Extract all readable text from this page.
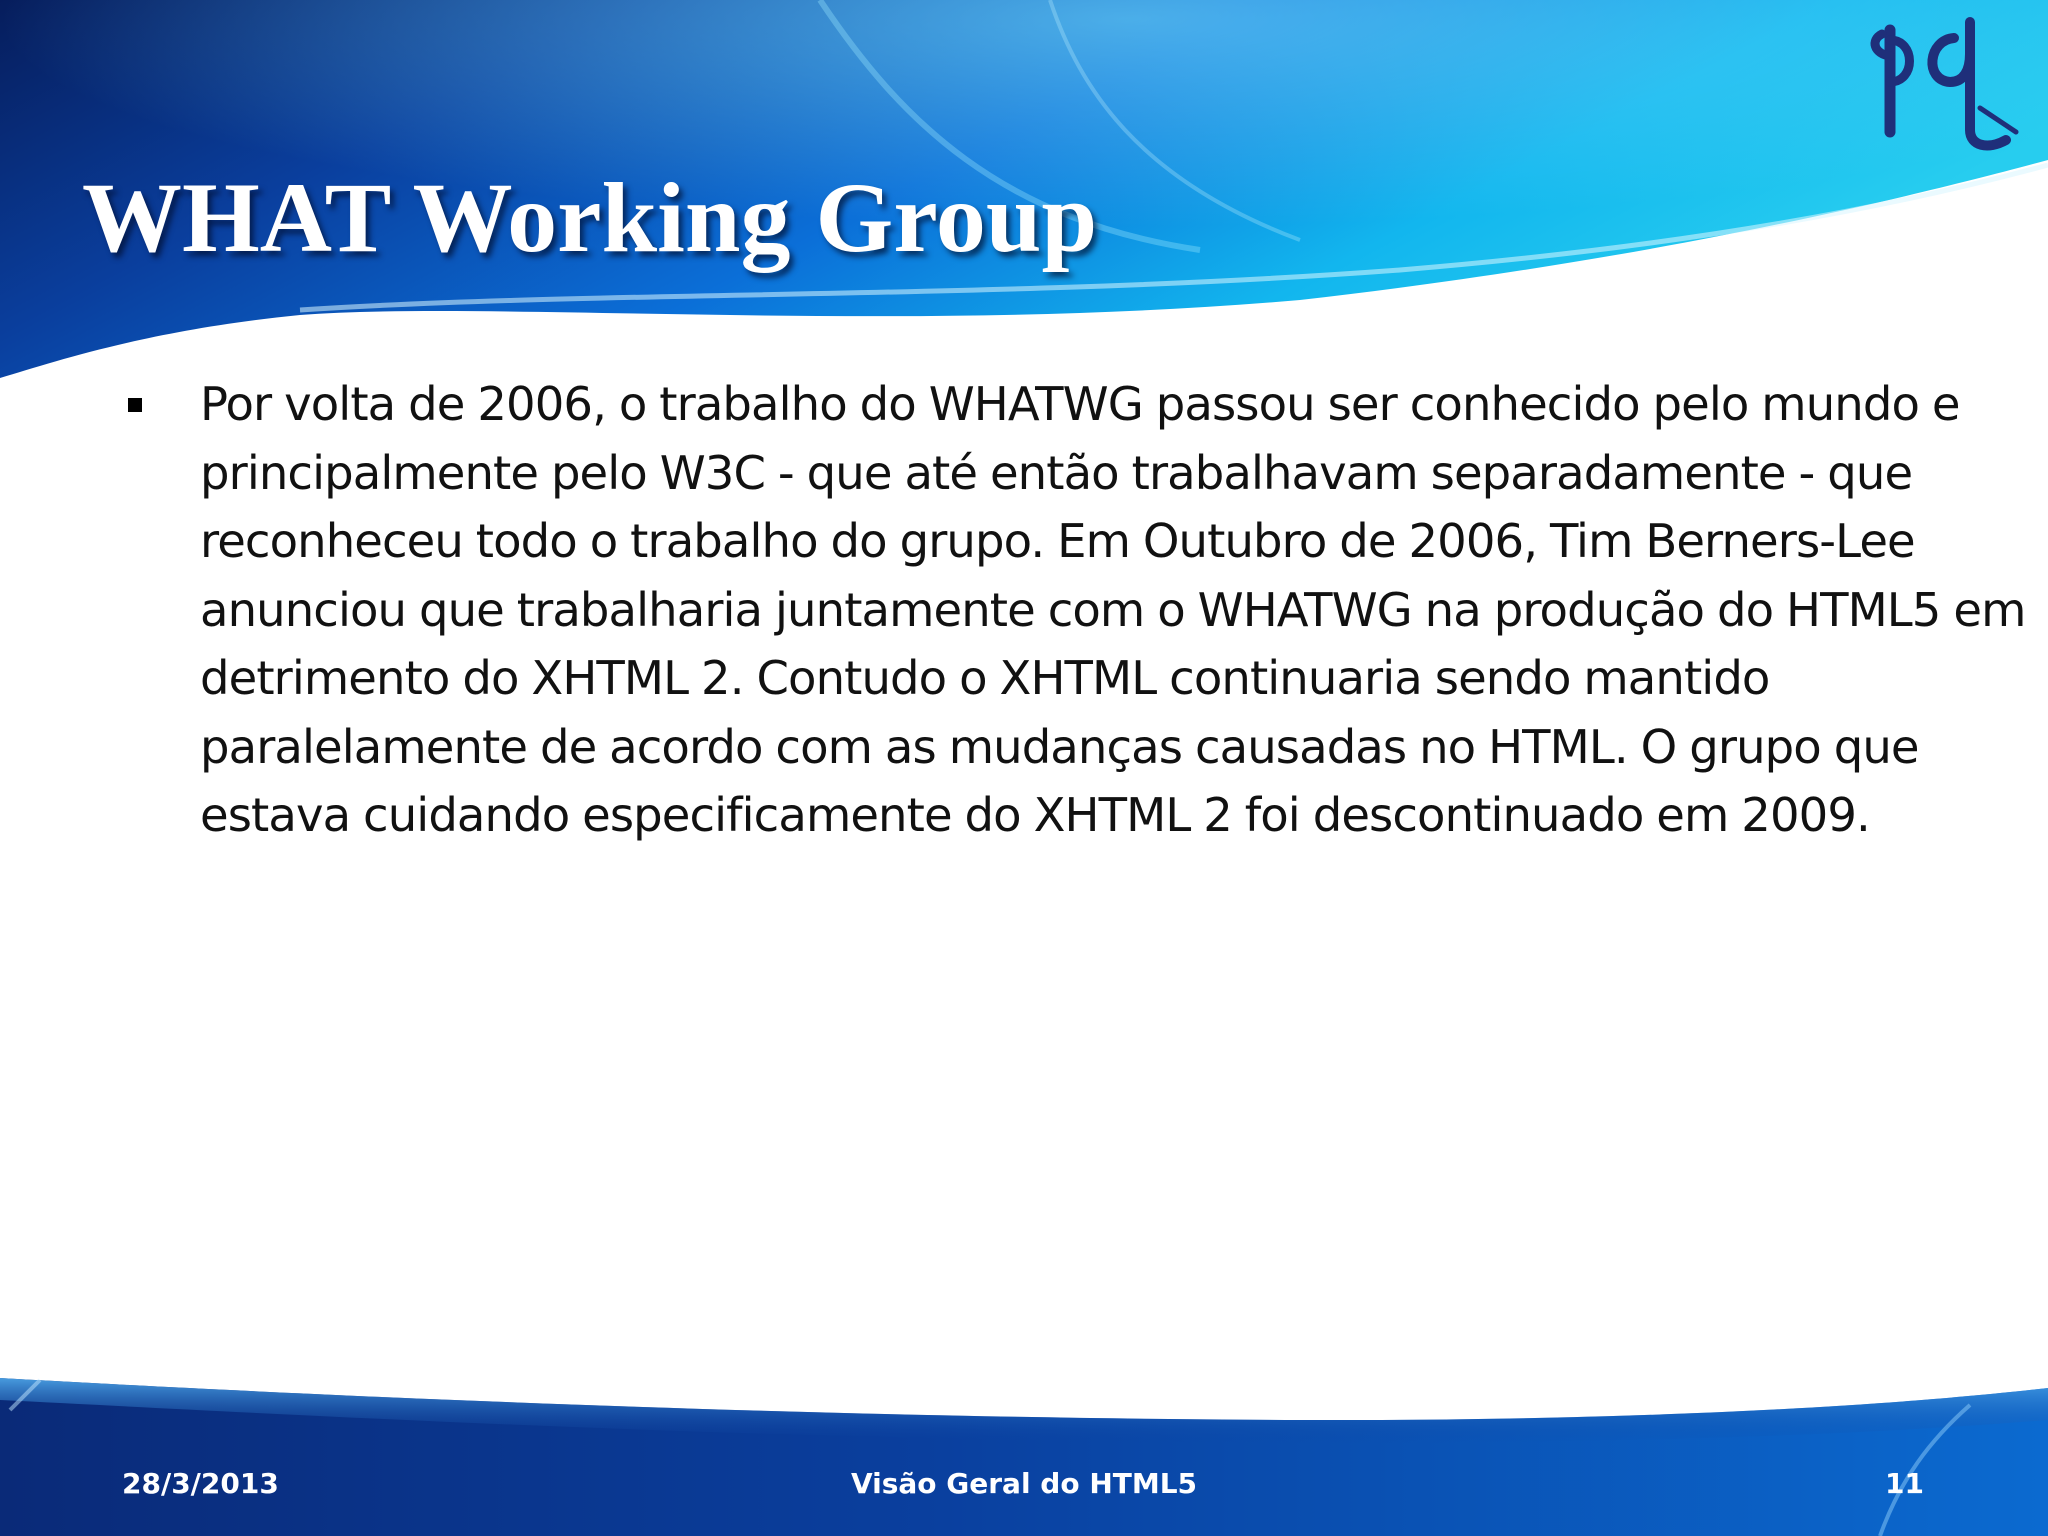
WHAT Working Group

Por volta de 2006, o trabalho do WHATWG passou ser conhecido pelo mundo e principalmente pelo W3C - que até então trabalhavam separadamente - que reconheceu todo o trabalho do grupo. Em Outubro de 2006, Tim Berners-Lee anunciou que trabalharia juntamente com o WHATWG na produção do HTML5 em detrimento do XHTML 2. Contudo o XHTML continuaria sendo mantido paralelamente de acordo com as mudanças causadas no HTML. O grupo que estava cuidando especificamente do XHTML 2 foi descontinuado em 2009.

28/3/2013	Visão Geral do HTML5	11
